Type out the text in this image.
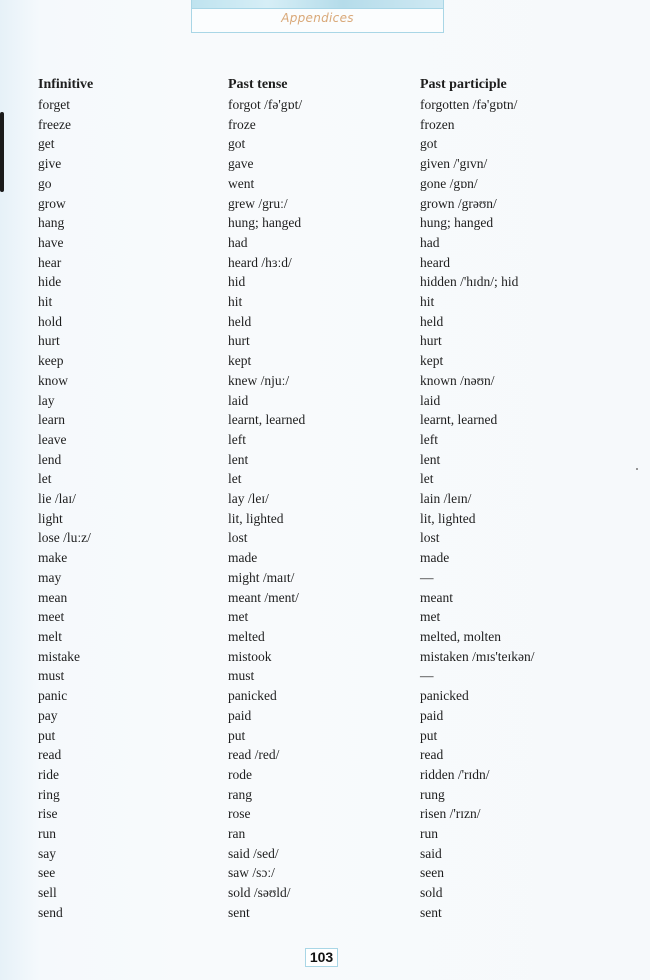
Appendices
Infinitive	Past tense	Past participle
forget	forgot /fə'gɒt/	forgotten /fə'gɒtn/
freeze	froze	frozen
get	got	got
give	gave	given /'gɪvn/
go	went	gone /gɒn/
grow	grew /gruː/	grown /grəʊn/
hang	hung; hanged	hung; hanged
have	had	had
hear	heard /hɜːd/	heard
hide	hid	hidden /'hɪdn/; hid
hit	hit	hit
hold	held	held
hurt	hurt	hurt
keep	kept	kept
know	knew /njuː/	known /nəʊn/
lay	laid	laid
learn	learnt, learned	learnt, learned
leave	left	left
lend	lent	lent
let	let	let
lie /laɪ/	lay /leɪ/	lain /leɪn/
light	lit, lighted	lit, lighted
lose /luːz/	lost	lost
make	made	made
may	might /maɪt/	—
mean	meant /ment/	meant
meet	met	met
melt	melted	melted, molten
mistake	mistook	mistaken /mɪs'teɪkən/
must	must	—
panic	panicked	panicked
pay	paid	paid
put	put	put
read	read /red/	read
ride	rode	ridden /'rɪdn/
ring	rang	rung
rise	rose	risen /'rɪzn/
run	ran	run
say	said /sed/	said
see	saw /sɔː/	seen
sell	sold /səʊld/	sold
send	sent	sent
103
